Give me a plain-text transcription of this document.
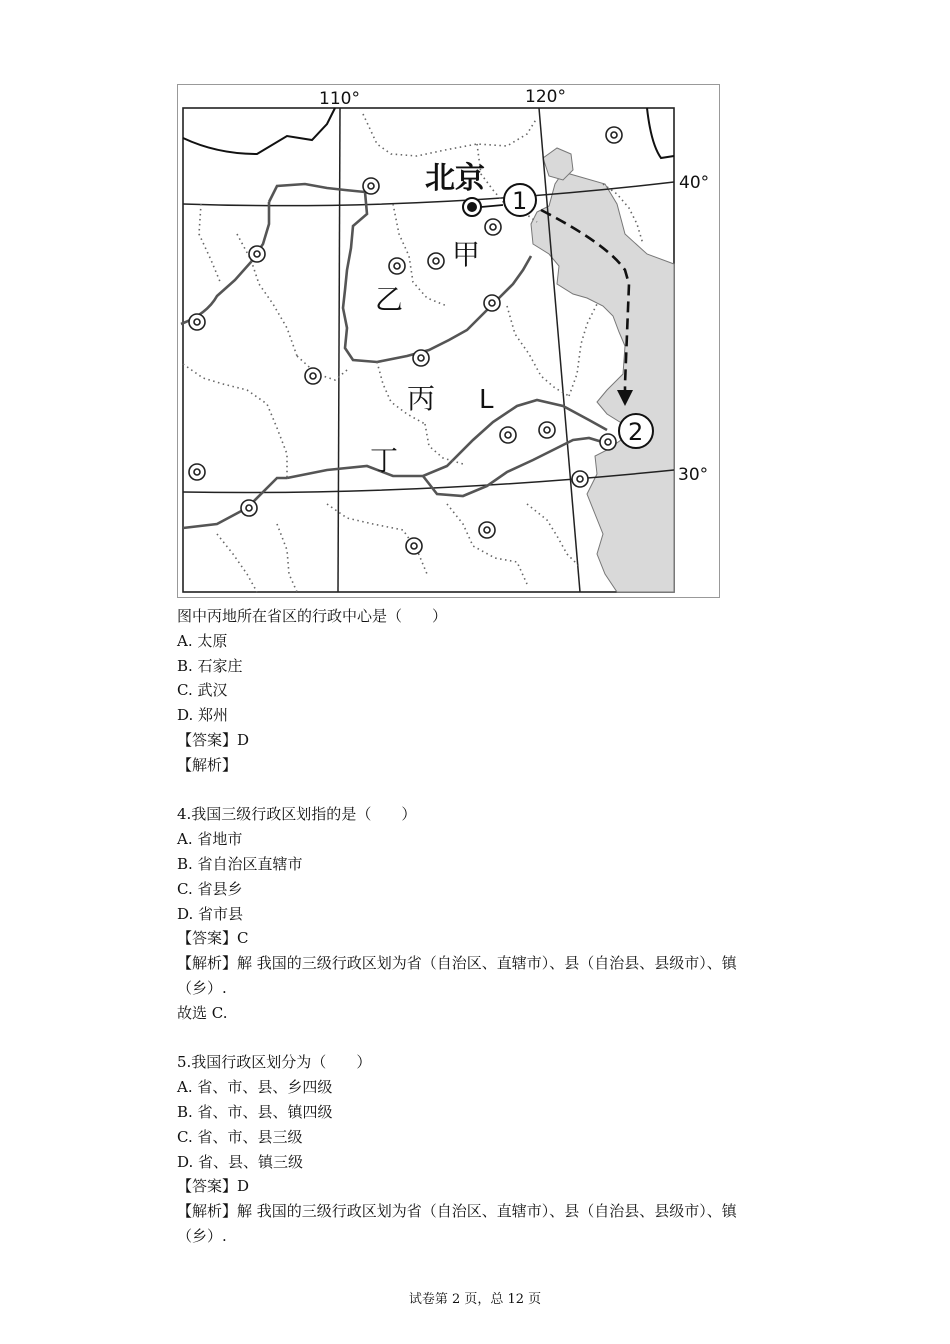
110°	120°
40°
30°
北京
甲
乙
丙
丁
L
1
2

图中丙地所在省区的行政中心是（　　）

A. 太原

B. 石家庄

C. 武汉

D. 郑州

【答案】D

【解析】

4.我国三级行政区划指的是（　　）

A. 省地市

B. 省自治区直辖市

C. 省县乡

D. 省市县

【答案】C

【解析】解 我国的三级行政区划为省（自治区、直辖市）、县（自治县、县级市）、镇

（乡）.

故选 C.

5.我国行政区划分为（　　）

A. 省、市、县、乡四级

B. 省、市、县、镇四级

C. 省、市、县三级

D. 省、县、镇三级

【答案】D

【解析】解 我国的三级行政区划为省（自治区、直辖市）、县（自治县、县级市）、镇

（乡）.

试卷第 2 页，总 12 页
